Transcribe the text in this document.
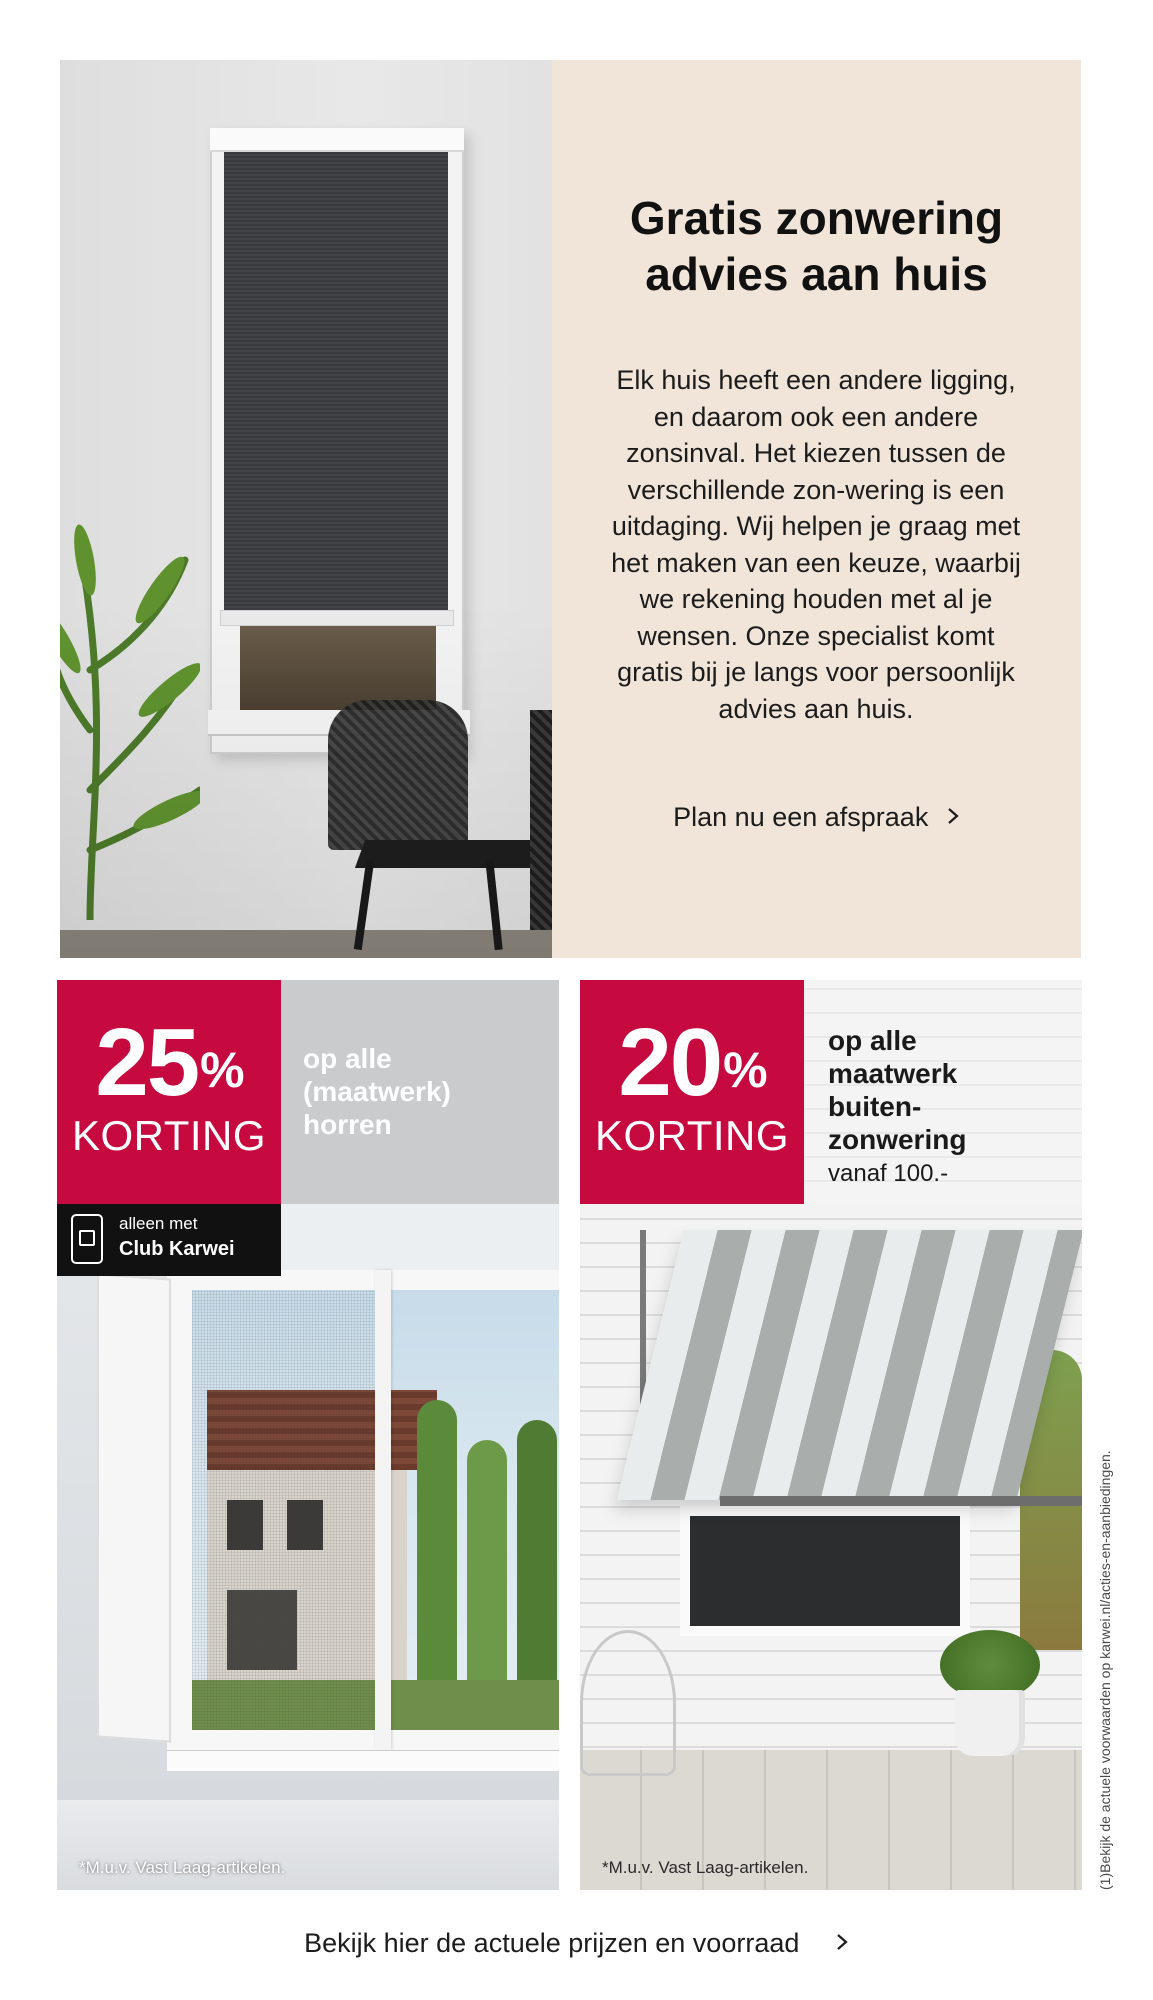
Gratis zonwering
advies aan huis
Elk huis heeft een andere ligging, en daarom ook een andere zonsinval. Het kiezen tussen de verschillende zon-wering is een uitdaging. Wij helpen je graag met het maken van een keuze, waarbij we rekening houden met al je wensen. Onze specialist komt gratis bij je langs voor persoonlijk advies aan huis.
Plan nu een afspraak
25%
KORTING
op alle
(maatwerk)
horren
alleen met
Club Karwei
*M.u.v. Vast Laag-artikelen.
20%
KORTING
op alle
maatwerk
buiten-
zonwering
vanaf 100.-
*M.u.v. Vast Laag-artikelen.	(1)Bekijk de actuele voorwaarden op karwei.nl/acties-en-aanbiedingen.
Bekijk hier de actuele prijzen en voorraad
